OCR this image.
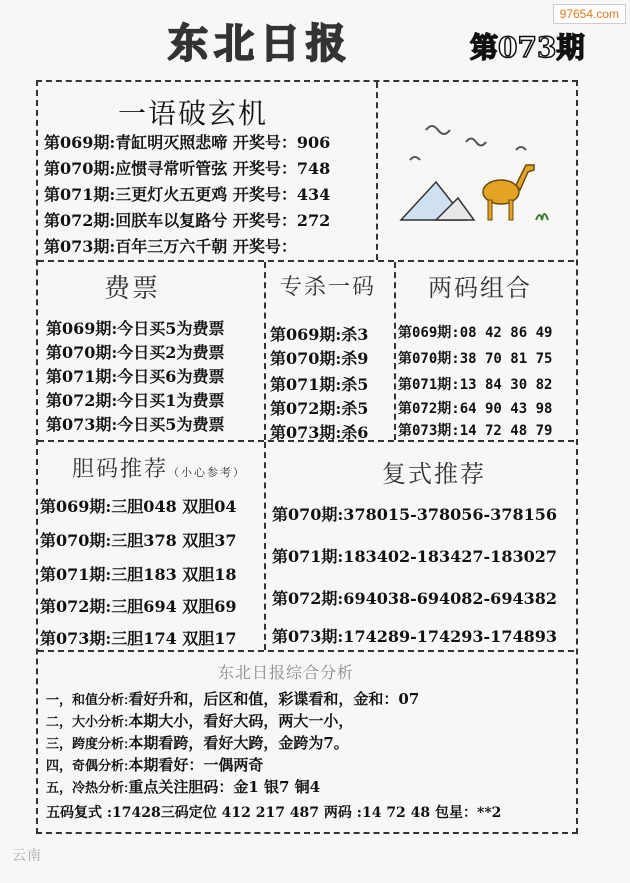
97654.com
东北日报	第073期
一语破玄机
第069期:青缸明灭照悲啼 开奖号：906
第070期:应惯寻常听管弦 开奖号：748
第071期:三更灯火五更鸡 开奖号：434
第072期:回朕车以复路兮 开奖号：272
第073期:百年三万六千朝 开奖号：
费票
第069期:今日买5为费票
第070期:今日买2为费票
第071期:今日买6为费票
第072期:今日买1为费票
第073期:今日买5为费票
专杀一码
第069期:杀3
第070期:杀9
第071期:杀5
第072期:杀5
第073期:杀6
两码组合
第069期:08 42 86 49
第070期:38 70 81 75
第071期:13 84 30 82
第072期:64 90 43 98
第073期:14 72 48 79
胆码推荐（小心参考）
第069期:三胆048 双胆04
第070期:三胆378 双胆37
第071期:三胆183 双胆18
第072期:三胆694 双胆69
第073期:三胆174 双胆17
复式推荐
第070期:378015-378056-378156
第071期:183402-183427-183027
第072期:694038-694082-694382
第073期:174289-174293-174893
东北日报综合分析
一，和值分析:看好升和，后区和值，彩谍看和，金和：07
二，大小分析:本期大小，看好大码，两大一小，
三，跨度分析:本期看跨，看好大跨，金跨为7。
四，奇偶分析:本期看好：一偶两奇
五，冷热分析:重点关注胆码：金1 银7 铜4
五码复式 :17428三码定位 412 217 487 两码 :14 72 48 包星：**2
云南
